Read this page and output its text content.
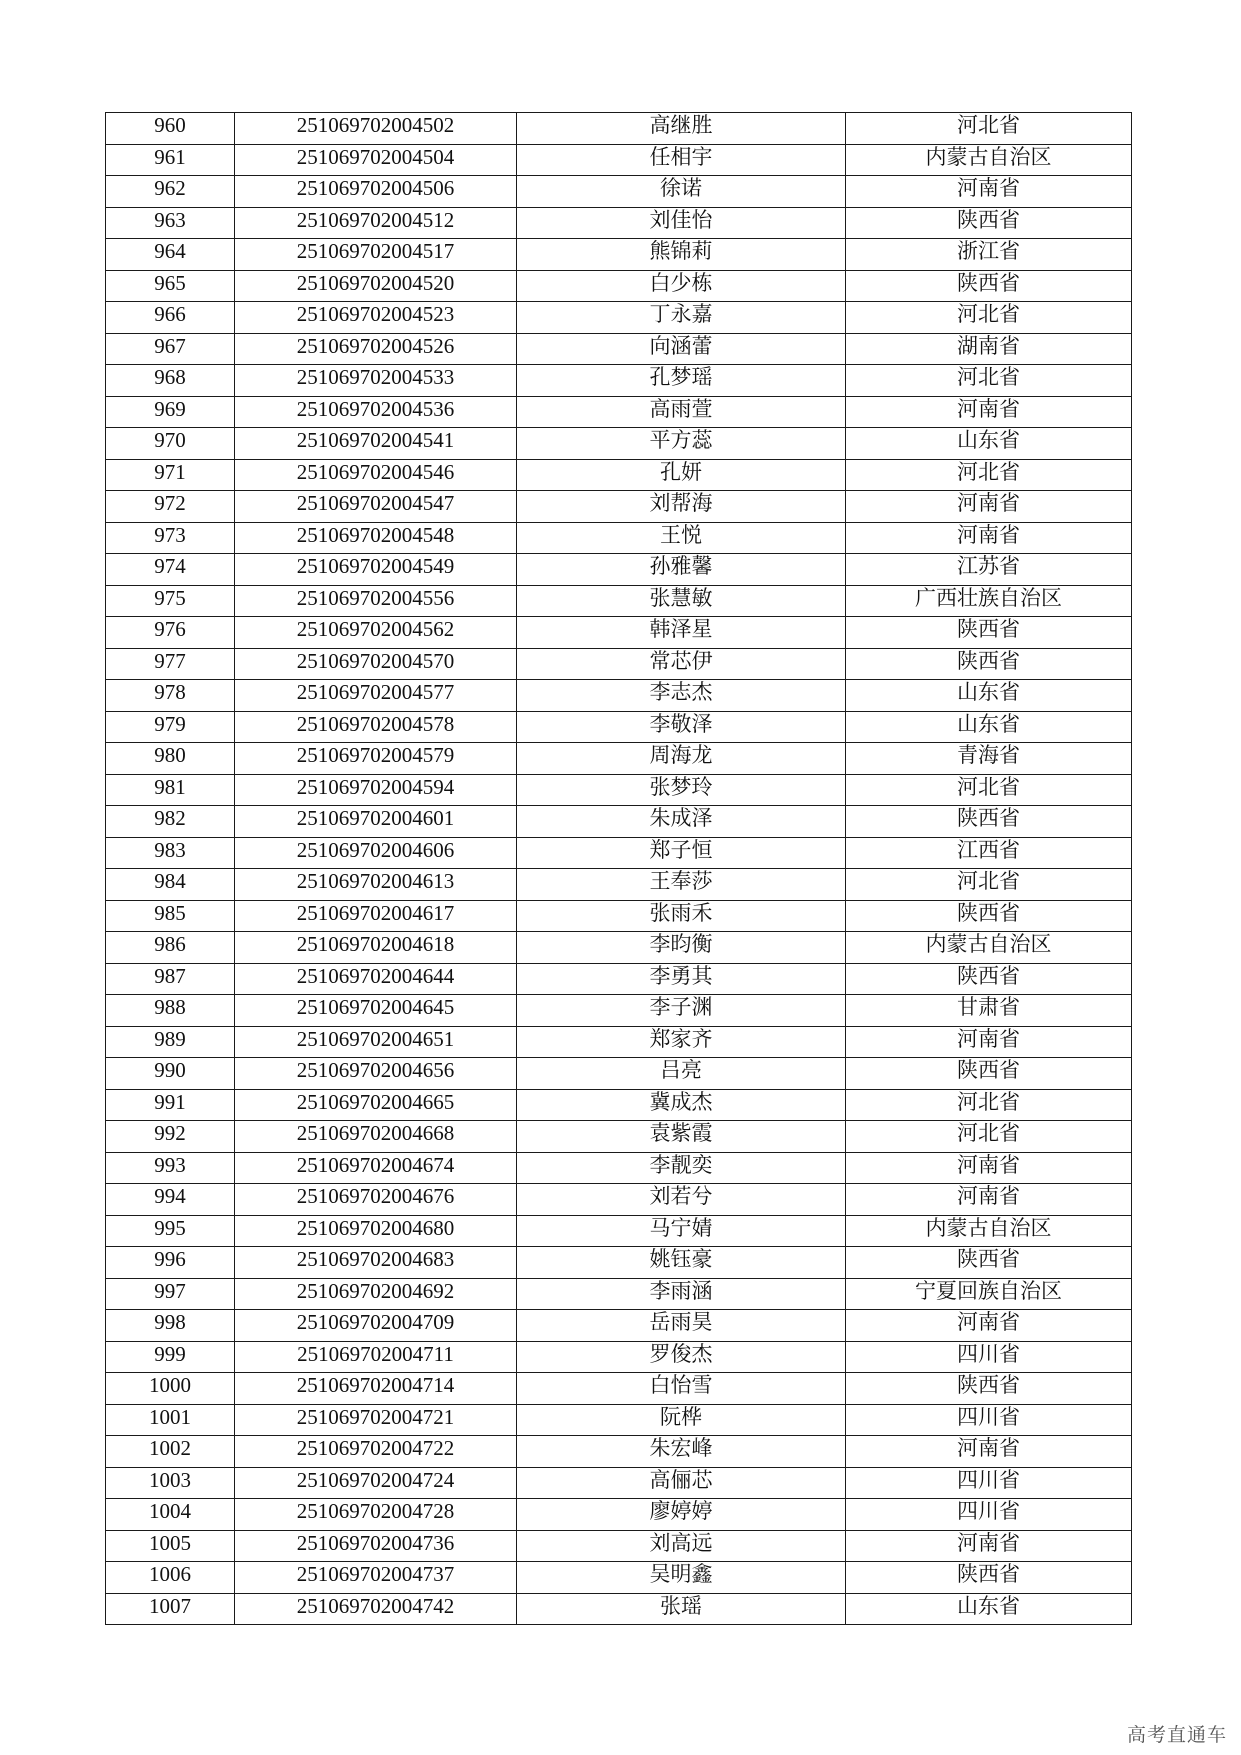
960	251069702004502	高继胜	河北省
961	251069702004504	任相宇	内蒙古自治区
962	251069702004506	徐诺	河南省
963	251069702004512	刘佳怡	陕西省
964	251069702004517	熊锦莉	浙江省
965	251069702004520	白少栋	陕西省
966	251069702004523	丁永嘉	河北省
967	251069702004526	向涵蕾	湖南省
968	251069702004533	孔梦瑶	河北省
969	251069702004536	高雨萱	河南省
970	251069702004541	平方蕊	山东省
971	251069702004546	孔妍	河北省
972	251069702004547	刘帮海	河南省
973	251069702004548	王悦	河南省
974	251069702004549	孙雅馨	江苏省
975	251069702004556	张慧敏	广西壮族自治区
976	251069702004562	韩泽星	陕西省
977	251069702004570	常芯伊	陕西省
978	251069702004577	李志杰	山东省
979	251069702004578	李敬泽	山东省
980	251069702004579	周海龙	青海省
981	251069702004594	张梦玲	河北省
982	251069702004601	朱成泽	陕西省
983	251069702004606	郑子恒	江西省
984	251069702004613	王奉莎	河北省
985	251069702004617	张雨禾	陕西省
986	251069702004618	李昀衡	内蒙古自治区
987	251069702004644	李勇其	陕西省
988	251069702004645	李子渊	甘肃省
989	251069702004651	郑家齐	河南省
990	251069702004656	吕亮	陕西省
991	251069702004665	冀成杰	河北省
992	251069702004668	袁紫霞	河北省
993	251069702004674	李靓奕	河南省
994	251069702004676	刘若兮	河南省
995	251069702004680	马宁婧	内蒙古自治区
996	251069702004683	姚钰豪	陕西省
997	251069702004692	李雨涵	宁夏回族自治区
998	251069702004709	岳雨昊	河南省
999	251069702004711	罗俊杰	四川省
1000	251069702004714	白怡雪	陕西省
1001	251069702004721	阮桦	四川省
1002	251069702004722	朱宏峰	河南省
1003	251069702004724	高俪芯	四川省
1004	251069702004728	廖婷婷	四川省
1005	251069702004736	刘高远	河南省
1006	251069702004737	吴明鑫	陕西省
1007	251069702004742	张瑶	山东省
高考直通车
